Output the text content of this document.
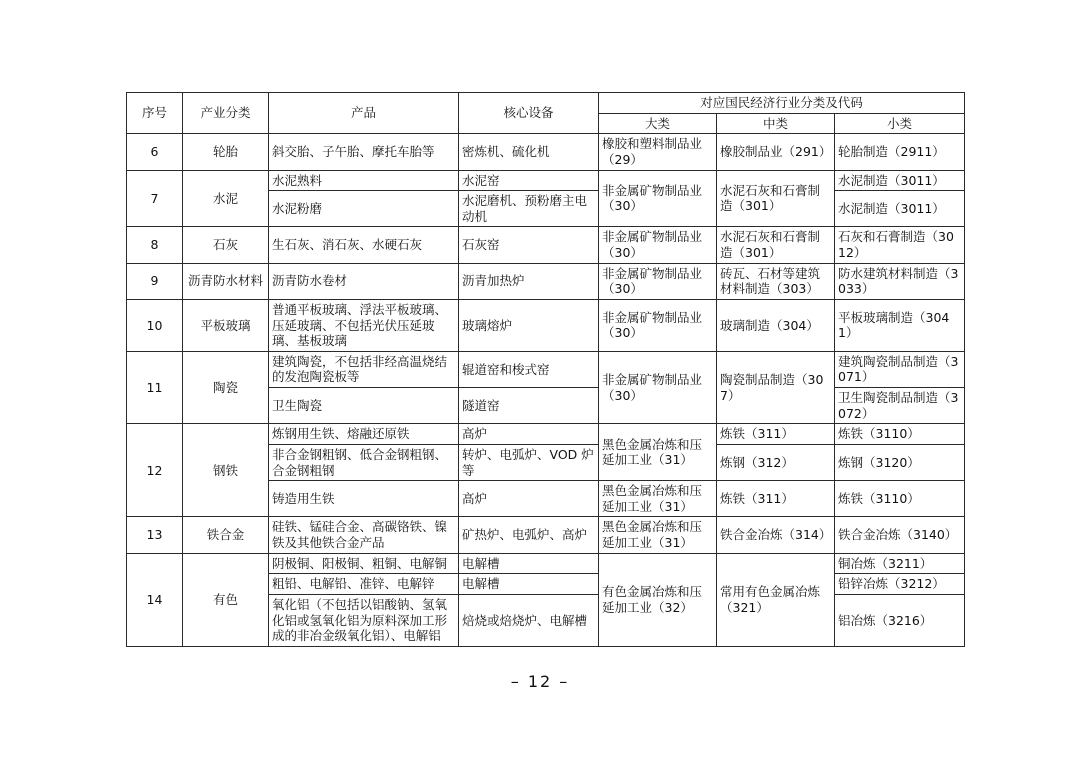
序号	产业分类	产品	核心设备	对应国民经济行业分类及代码		
				大类	中类	小类
6	轮胎	斜交胎、子午胎、摩托车胎等	密炼机、硫化机	橡胶和塑料制品业（29）	橡胶制品业（291）	轮胎制造（2911）
7	水泥	水泥熟料	水泥窑	非金属矿物制品业（30）	水泥石灰和石膏制造（301）	水泥制造（3011）
		水泥粉磨	水泥磨机、预粉磨主电动机			水泥制造（3011）
8	石灰	生石灰、消石灰、水硬石灰	石灰窑	非金属矿物制品业（30）	水泥石灰和石膏制造（301）	石灰和石膏制造（3012）
9	沥青防水材料	沥青防水卷材	沥青加热炉	非金属矿物制品业（30）	砖瓦、石材等建筑材料制造（303）	防水建筑材料制造（3033）
10	平板玻璃	普通平板玻璃、浮法平板玻璃、压延玻璃、不包括光伏压延玻璃、基板玻璃	玻璃熔炉	非金属矿物制品业（30）	玻璃制造（304）	平板玻璃制造（3041）
11	陶瓷	建筑陶瓷，不包括非经高温烧结的发泡陶瓷板等	辊道窑和梭式窑	非金属矿物制品业（30）	陶瓷制品制造（307）	建筑陶瓷制品制造（3071）
		卫生陶瓷	隧道窑			卫生陶瓷制品制造（3072）
12	钢铁	炼钢用生铁、熔融还原铁	高炉	黑色金属冶炼和压延加工业（31）	炼铁（311）	炼铁（3110）
		非合金钢粗钢、低合金钢粗钢、合金钢粗钢	转炉、电弧炉、VOD 炉等		炼钢（312）	炼钢（3120）
		铸造用生铁	高炉	黑色金属冶炼和压延加工业（31）	炼铁（311）	炼铁（3110）
13	铁合金	硅铁、锰硅合金、高碳铬铁、镍铁及其他铁合金产品	矿热炉、电弧炉、高炉	黑色金属冶炼和压延加工业（31）	铁合金冶炼（314）	铁合金冶炼（3140）
14	有色	阴极铜、阳极铜、粗铜、电解铜	电解槽	有色金属冶炼和压延加工业（32）	常用有色金属冶炼（321）	铜冶炼（3211）
		粗铅、电解铅、准锌、电解锌	电解槽			铅锌冶炼（3212）
		氧化铝（不包括以铝酸钠、氢氧化铝或氢氧化铝为原料深加工形成的非冶金级氧化铝）、电解铝	焙烧或焙烧炉、电解槽			铝冶炼（3216）
– 12 –
